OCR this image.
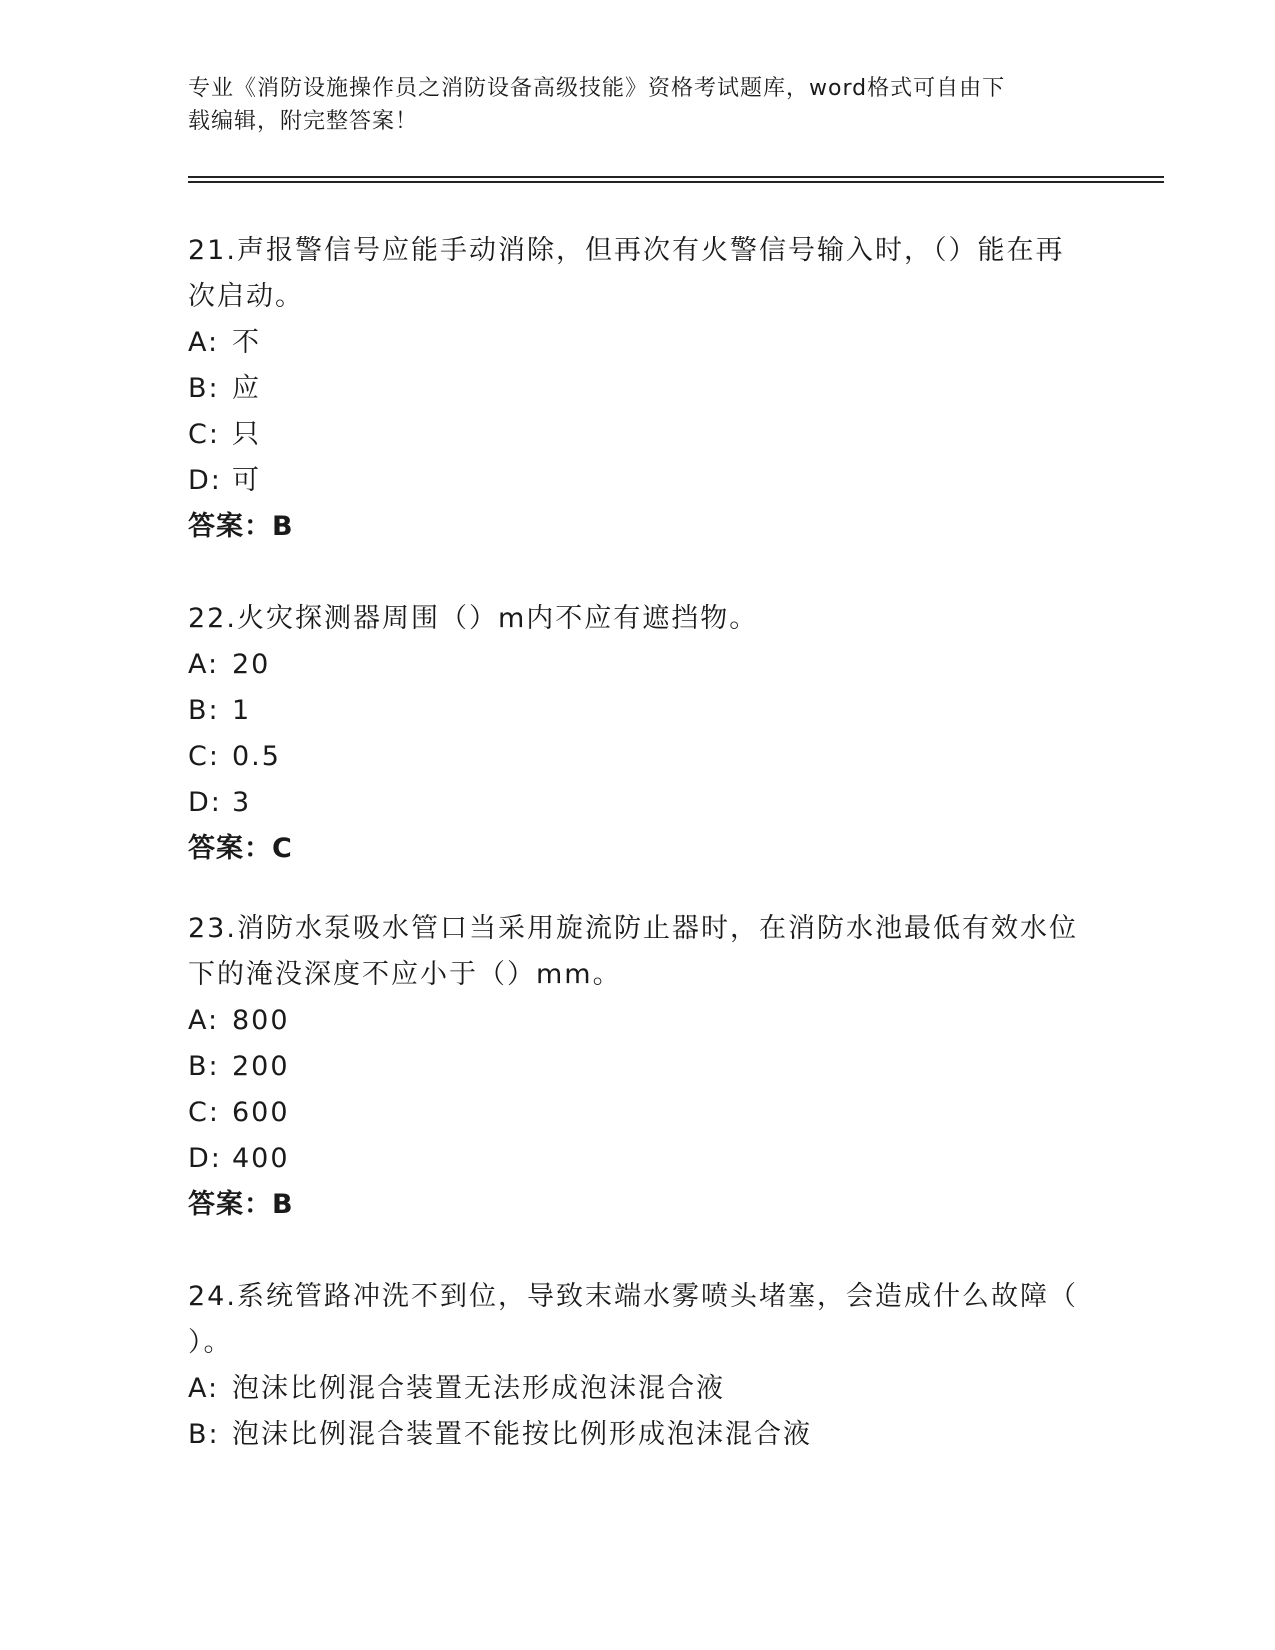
专业《消防设施操作员之消防设备高级技能》资格考试题库，word格式可自由下
载编辑，附完整答案！
21.声报警信号应能手动消除，但再次有火警信号输入时，（）能在再
次启动。
A: 不
B: 应
C: 只
D: 可
答案：B
22.火灾探测器周围（）m内不应有遮挡物。
A: 20
B: 1
C: 0.5
D: 3
答案：C
23.消防水泵吸水管口当采用旋流防止器时，在消防水池最低有效水位
下的淹没深度不应小于（）mm。
A: 800
B: 200
C: 600
D: 400
答案：B
24.系统管路冲洗不到位，导致末端水雾喷头堵塞，会造成什么故障（
）。
A: 泡沫比例混合装置无法形成泡沫混合液
B: 泡沫比例混合装置不能按比例形成泡沫混合液
